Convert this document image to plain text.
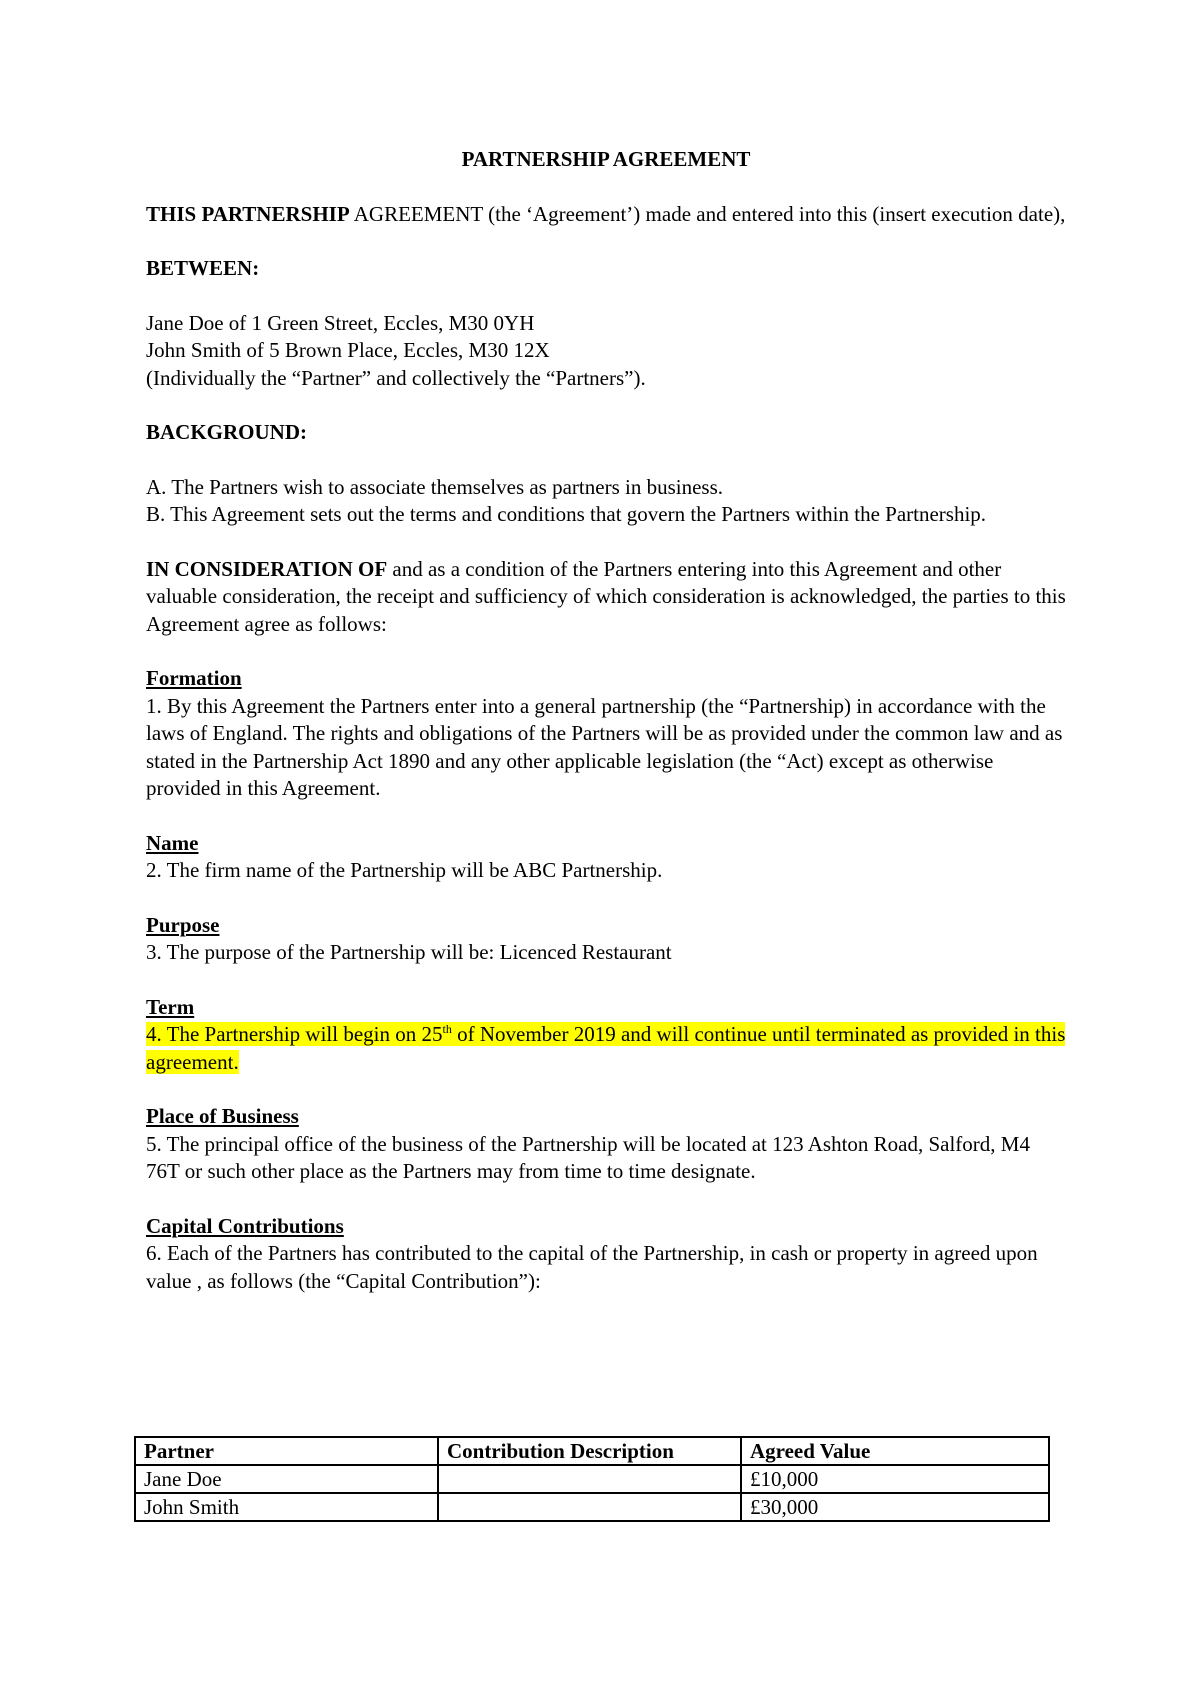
PARTNERSHIP AGREEMENT

THIS PARTNERSHIP AGREEMENT (the ‘Agreement’) made and entered into this (insert execution date),

BETWEEN:

Jane Doe of 1 Green Street, Eccles, M30 0YH
John Smith of 5 Brown Place, Eccles, M30 12X
(Individually the “Partner” and collectively the “Partners”).

BACKGROUND:

A. The Partners wish to associate themselves as partners in business.
B. This Agreement sets out the terms and conditions that govern the Partners within the Partnership.

IN CONSIDERATION OF and as a condition of the Partners entering into this Agreement and other valuable consideration, the receipt and sufficiency of which consideration is acknowledged, the parties to this Agreement agree as follows:

Formation
1. By this Agreement the Partners enter into a general partnership (the “Partnership) in accordance with the laws of England. The rights and obligations of the Partners will be as provided under the common law and as stated in the Partnership Act 1890 and any other applicable legislation (the “Act) except as otherwise provided in this Agreement.

Name
2. The firm name of the Partnership will be ABC Partnership.

Purpose
3. The purpose of the Partnership will be: Licenced Restaurant

Term
4. The Partnership will begin on 25th of November 2019 and will continue until terminated as provided in this agreement.

Place of Business
5. The principal office of the business of the Partnership will be located at 123 Ashton Road, Salford, M4 76T or such other place as the Partners may from time to time designate.

Capital Contributions
6. Each of the Partners has contributed to the capital of the Partnership, in cash or property in agreed upon value , as follows (the “Capital Contribution”):

Partner	Contribution Description	Agreed Value
Jane Doe		£10,000
John Smith		£30,000
